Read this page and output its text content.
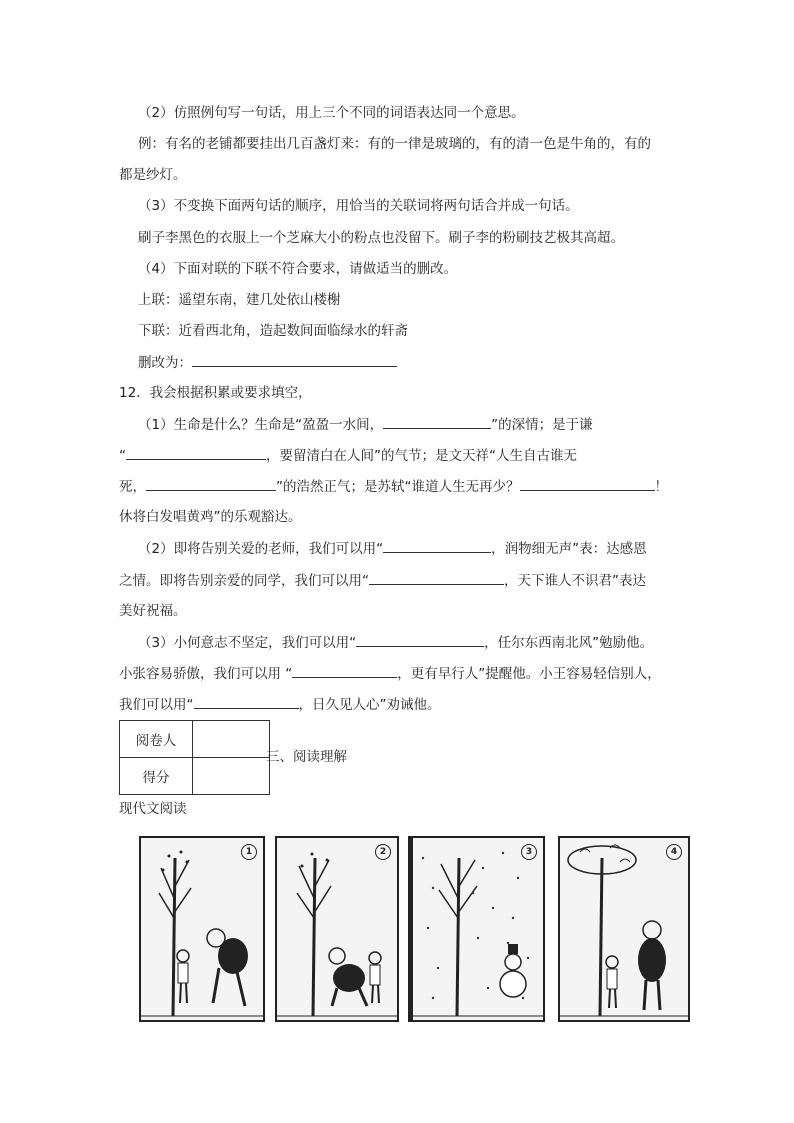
（2）仿照例句写一句话，用上三个不同的词语表达同一个意思。
例：有名的老铺都要挂出几百盏灯来：有的一律是玻璃的，有的清一色是牛角的，有的
都是纱灯。
（3）不变换下面两句话的顺序，用恰当的关联词将两句话合并成一句话。
刷子李黑色的衣服上一个芝麻大小的粉点也没留下。刷子李的粉刷技艺极其高超。
（4）下面对联的下联不符合要求，请做适当的删改。
上联：遥望东南，建几处依山楼榭
下联：近看西北角，造起数间面临绿水的轩斋
删改为：
12．我会根据积累或要求填空，
（1）生命是什么？生命是“盈盈一水间，	”的深情；是于谦
“	，要留清白在人间”的气节；是文天祥“人生自古谁无
死，	”的浩然正气；是苏轼“谁道人生无再少？	！
休将白发唱黄鸡”的乐观豁达。
（2）即将告别关爱的老师，我们可以用“	，润物细无声”表：达感恩
之情。即将告别亲爱的同学，我们可以用“	，天下谁人不识君”表达
美好祝福。
（3）小何意志不坚定，我们可以用“	，任尔东西南北风”勉励他。
小张容易骄傲，我们可以用 “	，更有早行人”提醒他。小王容易轻信别人，
我们可以用“	，日久见人心”劝诫他。
阅卷人	
得分	
三、阅读理解
现代文阅读
1	2	3	4
